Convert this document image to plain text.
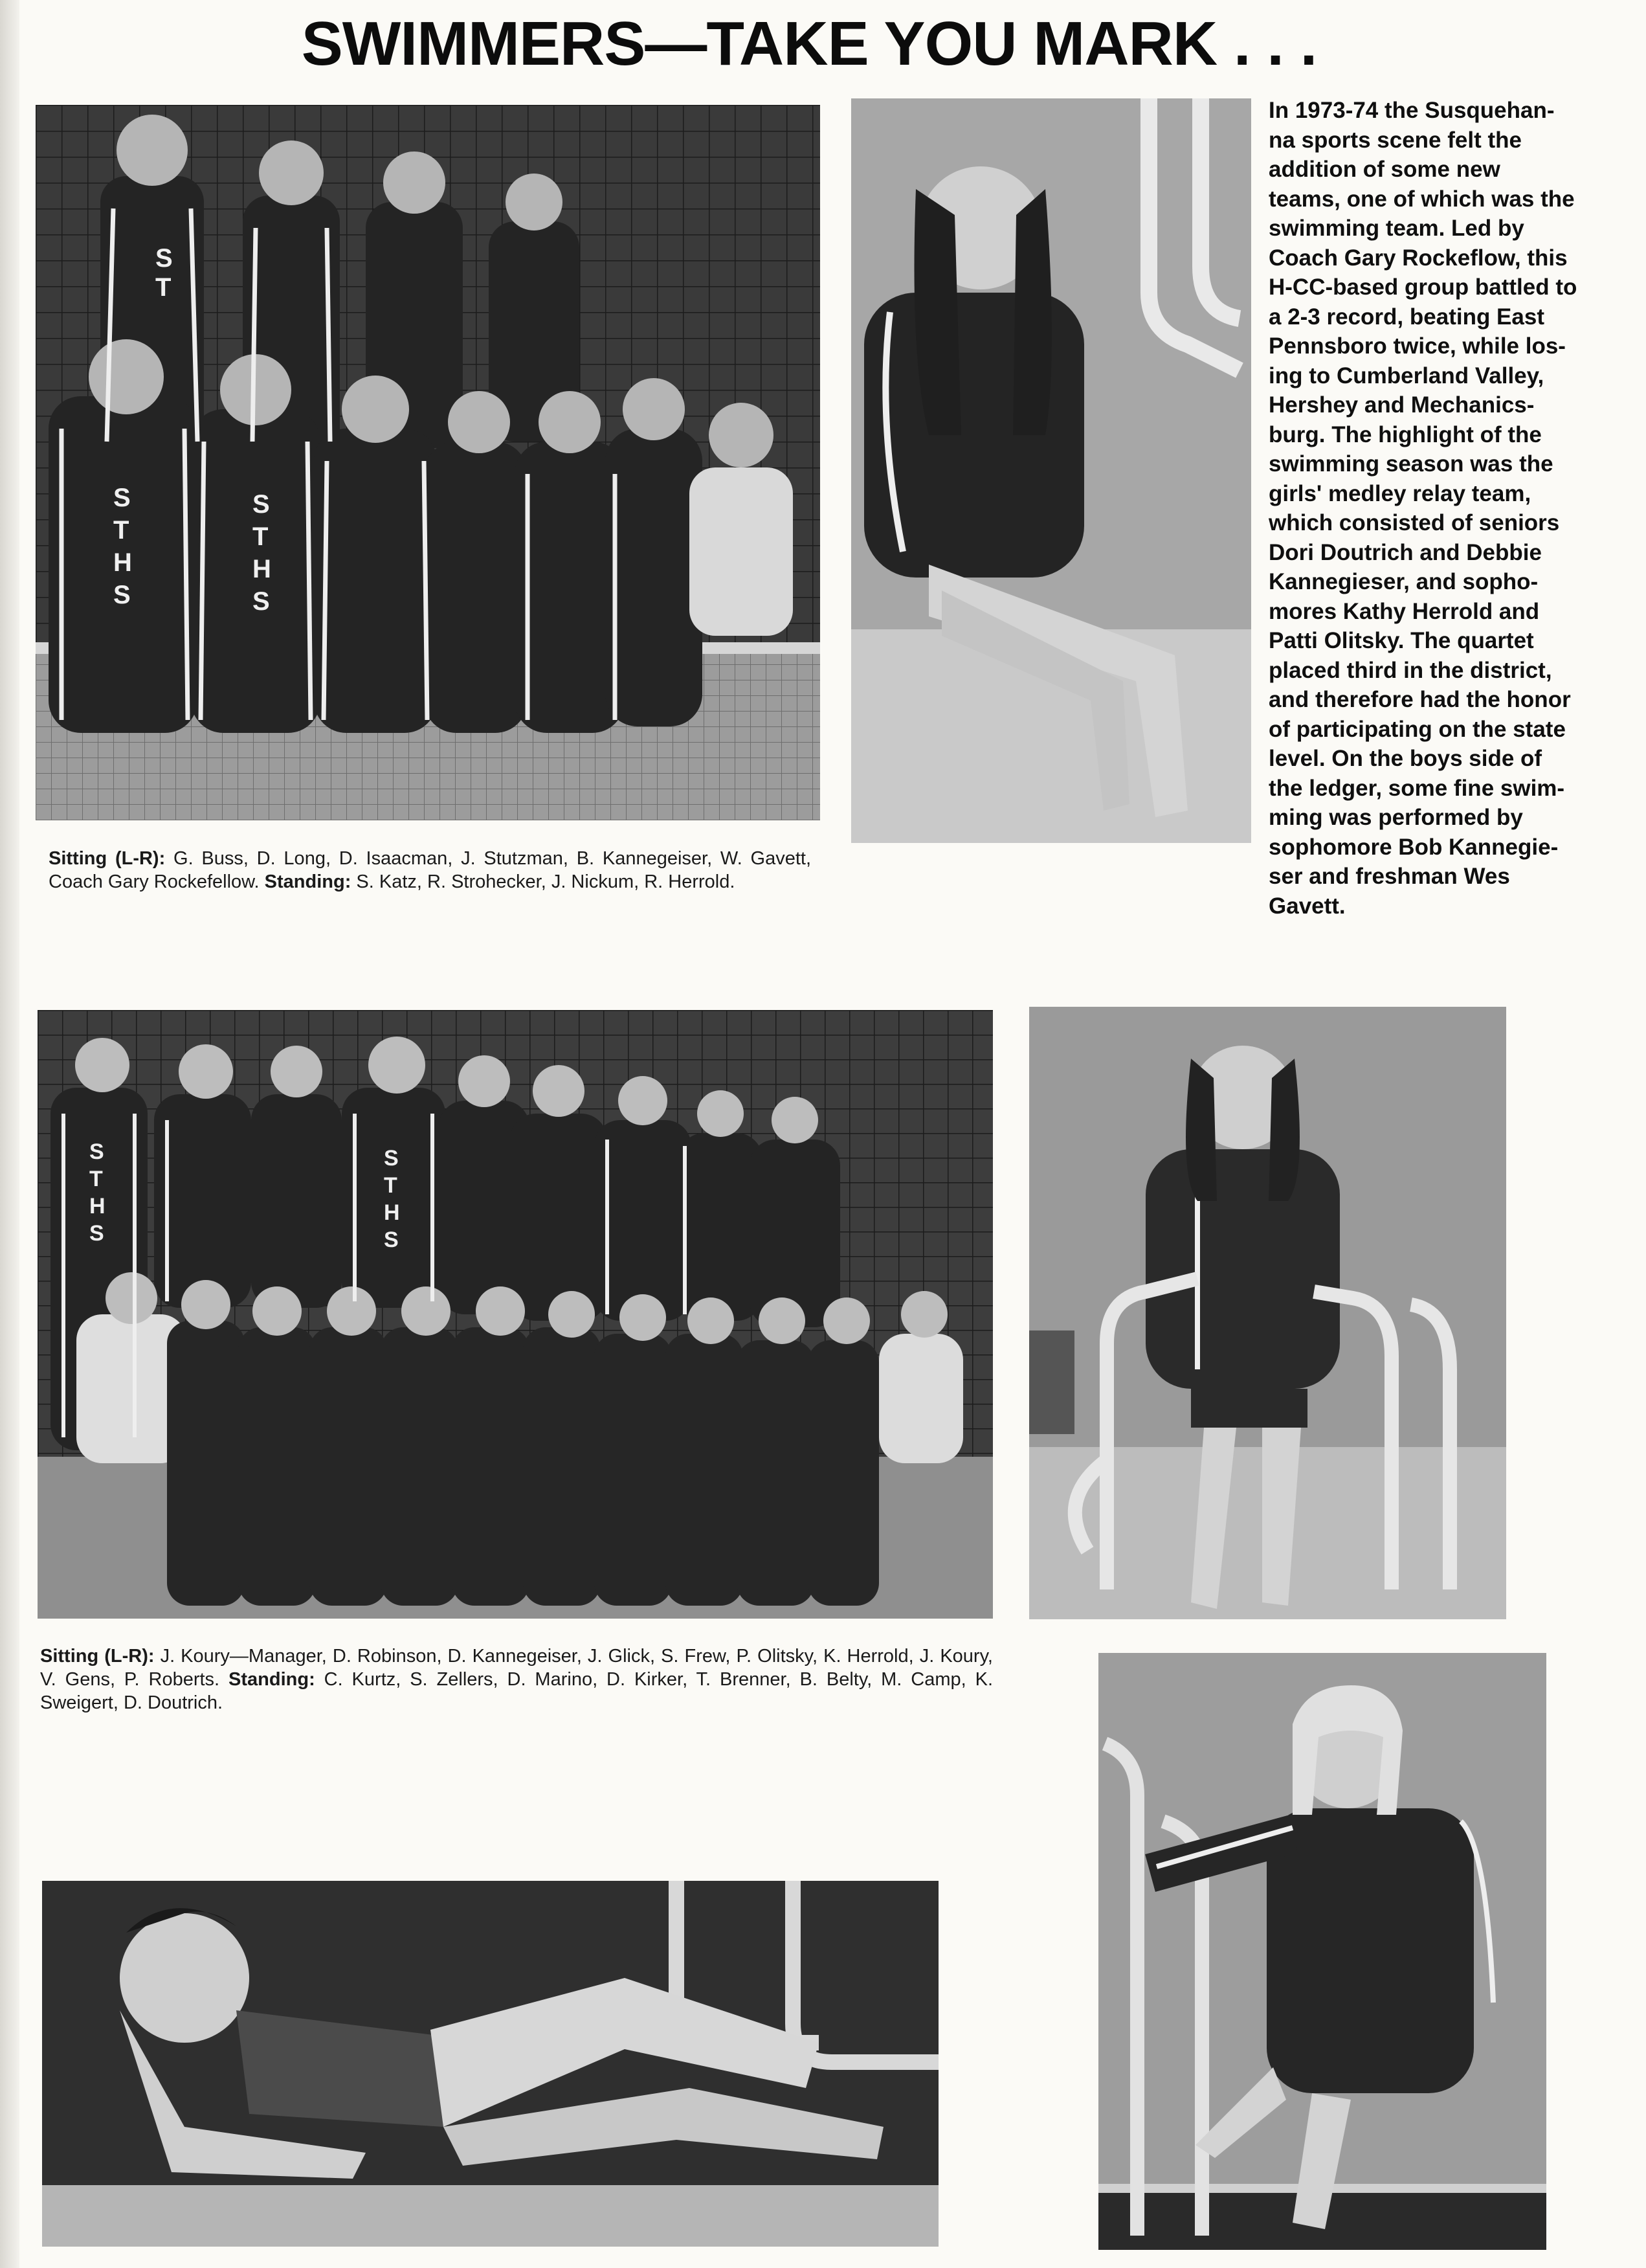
SWIMMERS—TAKE YOU MARK . . .
S
T
S
T
H
S
S
T
H
S
Sitting (L-R): G. Buss, D. Long, D. Isaacman, J. Stutzman, B. Kannegeiser, W. Gavett, Coach Gary Rockefellow. Standing: S. Katz, R. Strohecker, J. Nickum, R. Herrold.
In 1973-74 the Susquehan-
na sports scene felt the
addition of some new
teams, one of which was the
swimming team. Led by
Coach Gary Rockeflow, this
H-CC-based group battled to
a 2-3 record, beating East
Pennsboro twice, while los-
ing to Cumberland Valley,
Hershey and Mechanics-
burg. The highlight of the
swimming season was the
girls' medley relay team,
which consisted of seniors
Dori Doutrich and Debbie
Kannegieser, and sopho-
mores Kathy Herrold and
Patti Olitsky. The quartet
placed third in the district,
and therefore had the honor
of participating on the state
level. On the boys side of
the ledger, some fine swim-
ming was performed by
sophomore Bob Kannegie-
ser and freshman Wes
Gavett.
S
T
H
S
S
T
H
S
Sitting (L-R): J. Koury—Manager, D. Robinson, D. Kannegeiser, J. Glick, S. Frew, P. Olitsky, K. Herrold, J. Koury, V. Gens, P. Roberts. Standing: C. Kurtz, S. Zellers, D. Marino, D. Kirker, T. Brenner, B. Belty, M. Camp, K. Sweigert, D. Doutrich.
